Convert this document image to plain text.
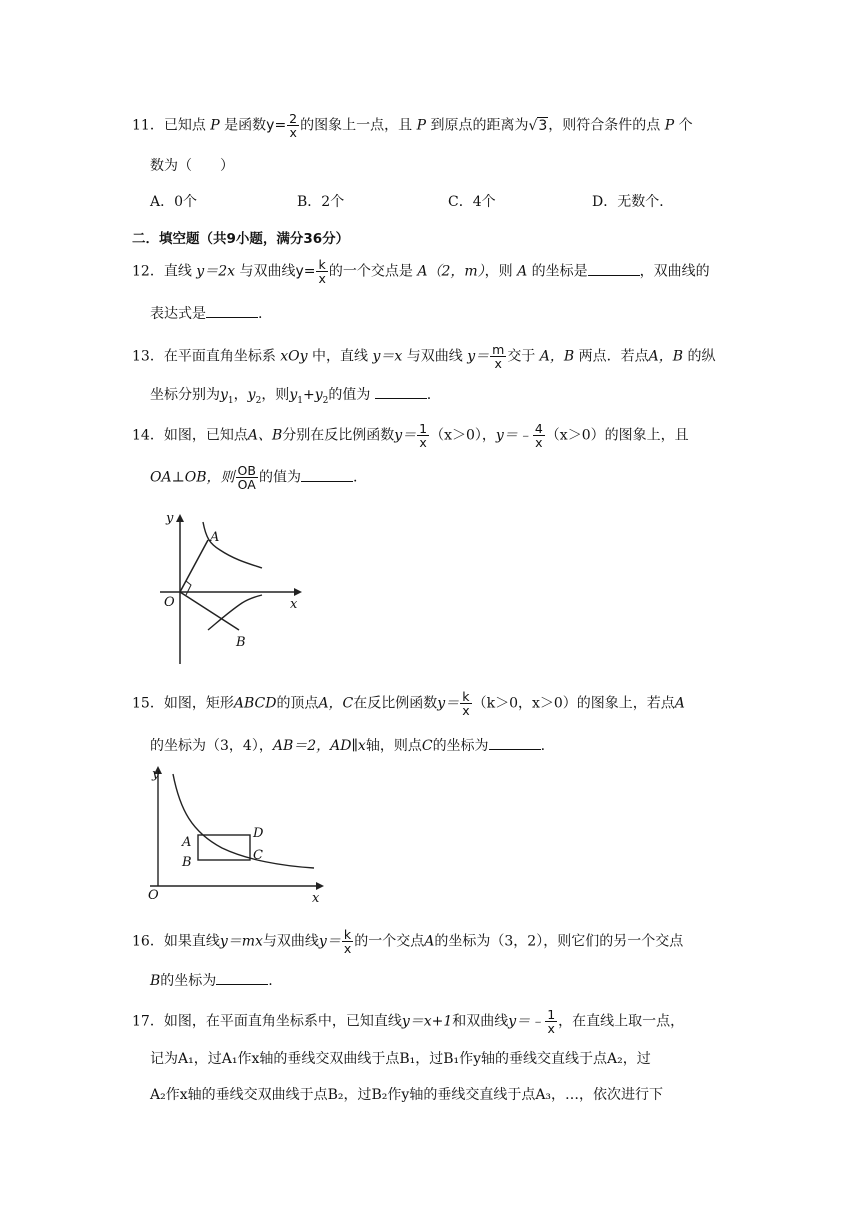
11．已知点 P 是函数$y= \frac{2}{x}$ 的图象上一点，且 P 到原点的距离为√3，则符合条件的点 P 个
数为（　　）
A．0个	B．2个	C．4个	D．无数个．
二．填空题（共9小题，满分36分）
12．直线 y＝2x 与双曲线$y= \frac{k}{x}$ 的一个交点是 A（2，m），则 A 的坐标是	，双曲线的
表达式是	.
13．在平面直角坐标系 xOy 中，直线 y＝x 与双曲线 $y= \frac{m}{x}$ 交于 A，B 两点．若点A，B 的纵
坐标分别为$y_1$，$y_2$，则$y_1+y_2$的值为	.
14．如图，已知点A、B分别在反比例函数$y= \frac{1}{x} (x>0)$，y＝﹣ $\frac{4}{x} (x>0)$的图象上，且
OA⊥OB，则 $\frac{OB}{OA}$ 的值为	.
y
x
O
A
B
15．如图，矩形ABCD的顶点A，C在反比例函数$y= \frac{k}{x} (k>0$，x＞0）的图象上，若点A
的坐标为（3，4），AB＝2，AD∥x轴，则点C的坐标为	.
y
x
O
A
B	C
D
16．如果直线y＝mx与双曲线$y= \frac{k}{x}$ 的一个交点A的坐标为（3，2），则它们的另一个交点
B的坐标为	.
17．如图，在平面直角坐标系中，已知直线y＝x+1和双曲线y＝﹣ $\frac{1}{x}$ ，在直线上取一点，
记为A₁，过A₁作x轴的垂线交双曲线于点B₁，过B₁作y轴的垂线交直线于点A₂，过
A₂作x轴的垂线交双曲线于点B₂，过B₂作y轴的垂线交直线于点A₃，…，依次进行下
